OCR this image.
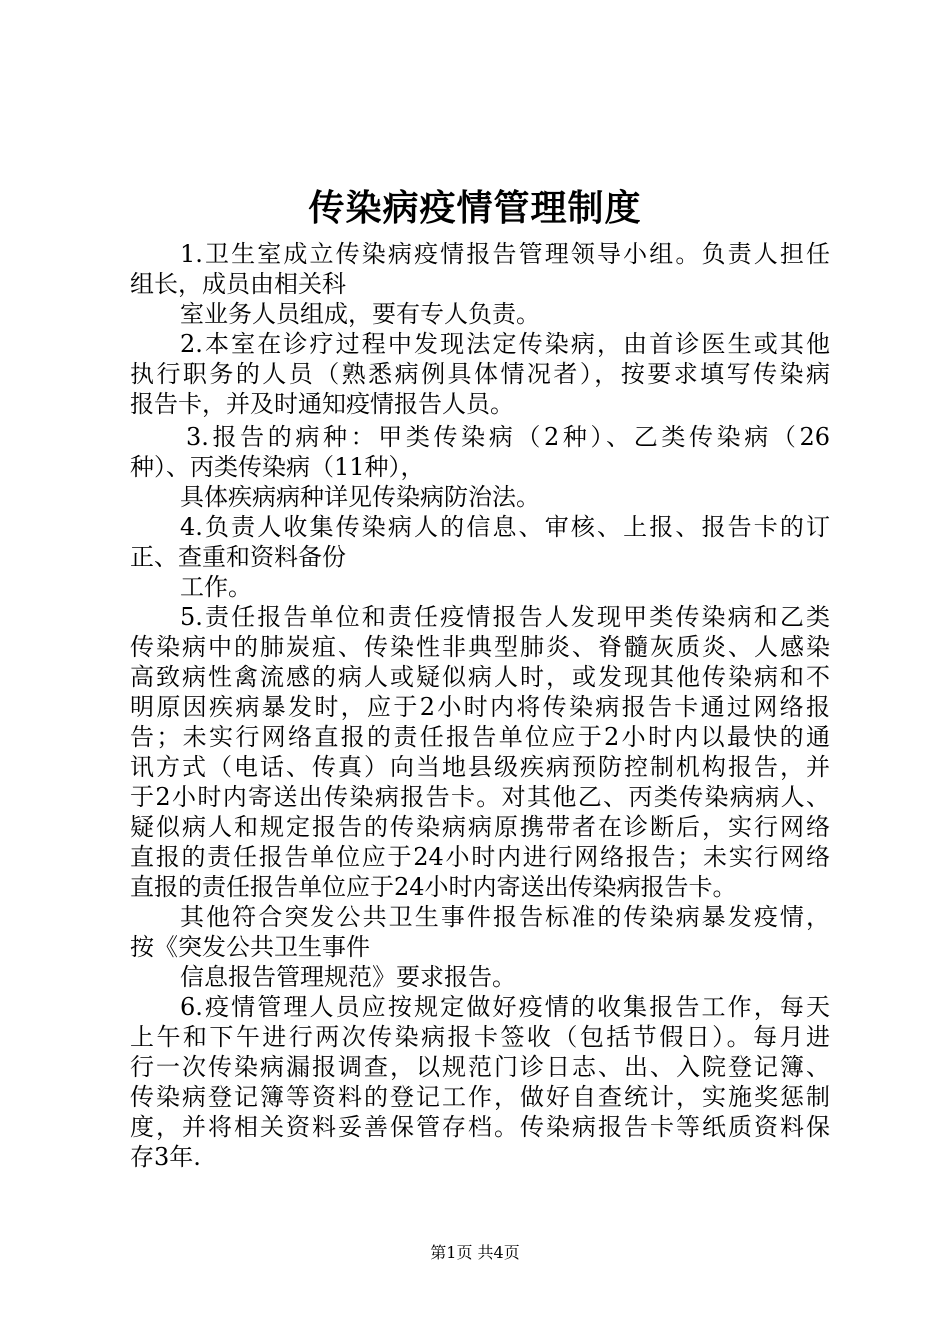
传染病疫情管理制度
1.卫生室成立传染病疫情报告管理领导小组。负责人担任
组长，成员由相关科
室业务人员组成，要有专人负责。
2.本室在诊疗过程中发现法定传染病，由首诊医生或其他
执行职务的人员（熟悉病例具体情况者），按要求填写传染病
报告卡，并及时通知疫情报告人员。
3.报告的病种：甲类传染病（2种）、乙类传染病（26
种）、丙类传染病（11种），
具体疾病病种详见传染病防治法。
4.负责人收集传染病人的信息、审核、上报、报告卡的订
正、查重和资料备份
工作。
5.责任报告单位和责任疫情报告人发现甲类传染病和乙类
传染病中的肺炭疽、传染性非典型肺炎、脊髓灰质炎、人感染
高致病性禽流感的病人或疑似病人时，或发现其他传染病和不
明原因疾病暴发时，应于2小时内将传染病报告卡通过网络报
告；未实行网络直报的责任报告单位应于2小时内以最快的通
讯方式（电话、传真）向当地县级疾病预防控制机构报告，并
于2小时内寄送出传染病报告卡。对其他乙、丙类传染病病人、
疑似病人和规定报告的传染病病原携带者在诊断后，实行网络
直报的责任报告单位应于24小时内进行网络报告；未实行网络
直报的责任报告单位应于24小时内寄送出传染病报告卡。
其他符合突发公共卫生事件报告标准的传染病暴发疫情，
按《突发公共卫生事件
信息报告管理规范》要求报告。
6.疫情管理人员应按规定做好疫情的收集报告工作，每天
上午和下午进行两次传染病报卡签收（包括节假日）。每月进
行一次传染病漏报调查，以规范门诊日志、出、入院登记簿、
传染病登记簿等资料的登记工作，做好自查统计，实施奖惩制
度，并将相关资料妥善保管存档。传染病报告卡等纸质资料保
存3年.
第1页 共4页
